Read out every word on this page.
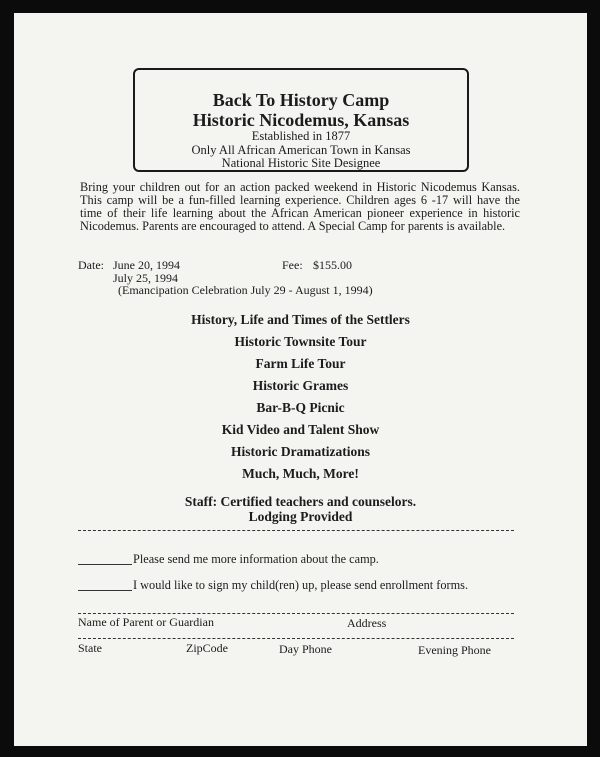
Back To History Camp
Historic Nicodemus, Kansas
Established in 1877
Only All African American Town in Kansas
National Historic Site Designee
Bring your children out for an action packed weekend in Historic Nicodemus Kansas. This camp will be a fun-filled learning experience. Children ages 6 -17 will have the time of their life learning about the African American pioneer experience in historic Nicodemus. Parents are encouraged to attend. A Special Camp for parents is available.
Date: June 20, 1994
July 25, 1994
(Emancipation Celebration July 29 - August 1, 1994)
Fee: $155.00
History, Life and Times of the Settlers
Historic Townsite Tour
Farm Life Tour
Historic Grames
Bar-B-Q Picnic
Kid Video and Talent Show
Historic Dramatizations
Much, Much, More!
Staff: Certified teachers and counselors.
Lodging Provided
Please send me more information about the camp.
I would like to sign my child(ren) up, please send enrollment forms.
Name of Parent or Guardian	Address
State	ZipCode	Day Phone	Evening Phone
